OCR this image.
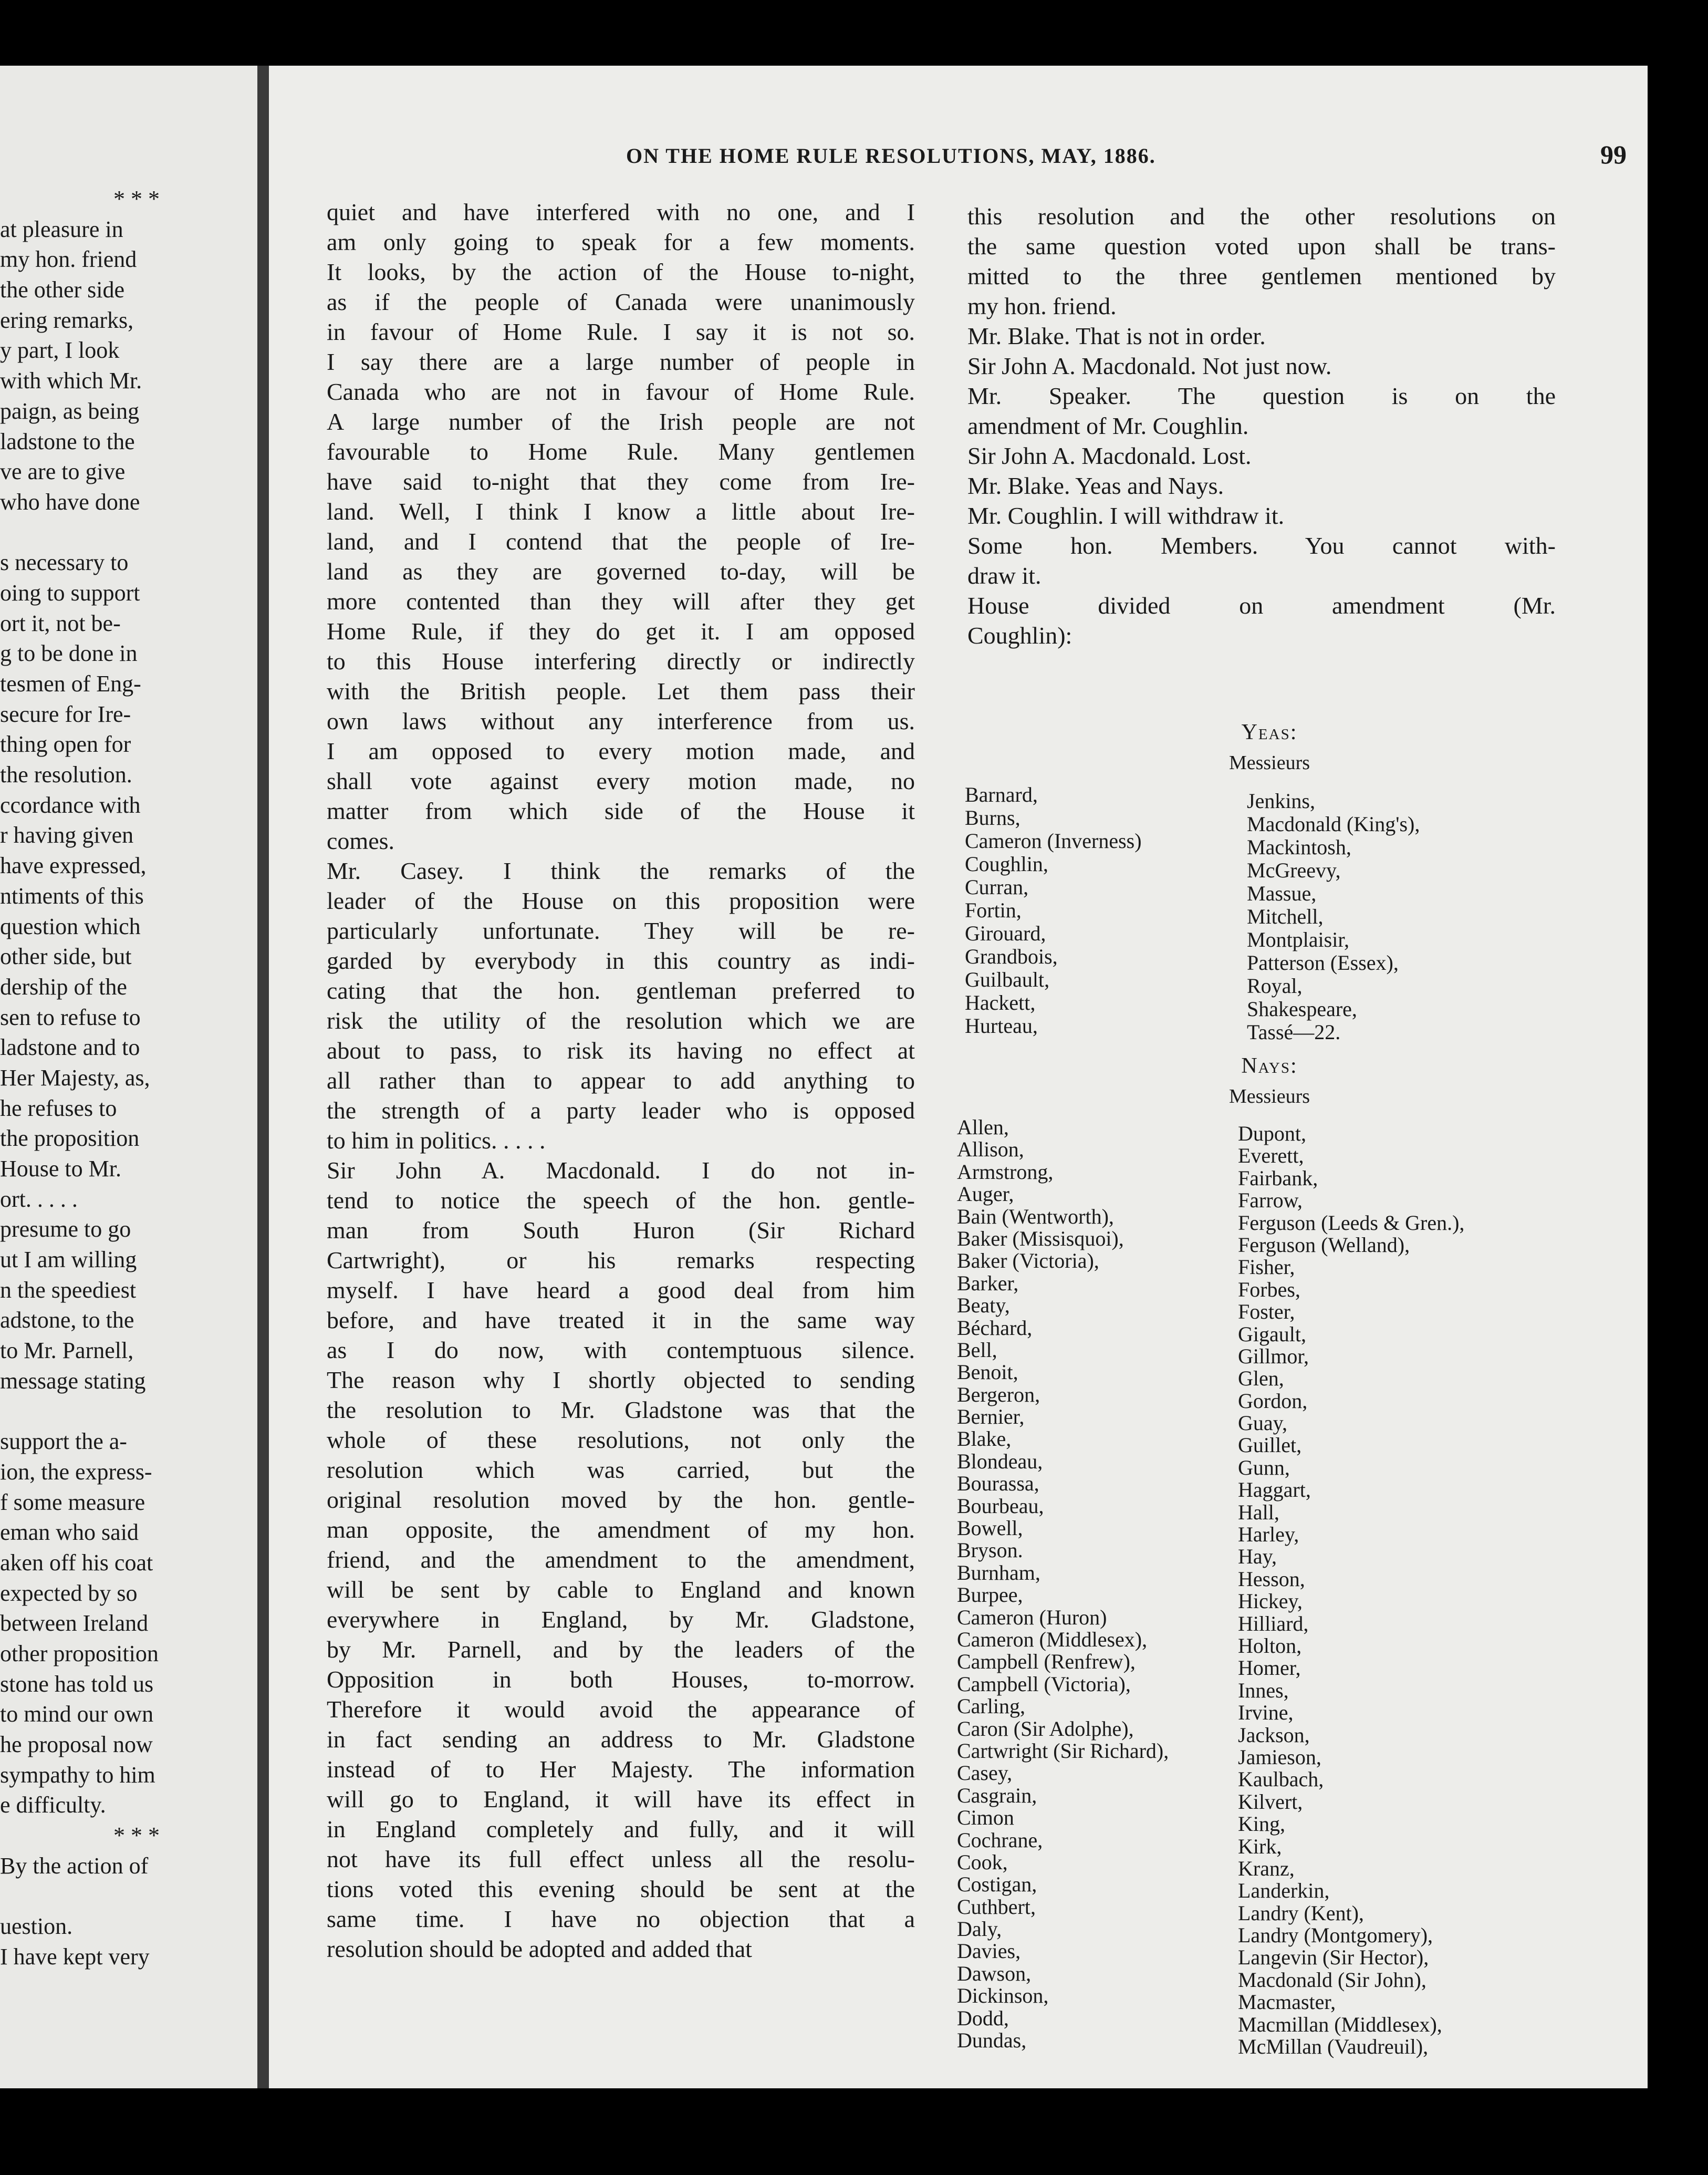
* * *
at pleasure in
my hon. friend
the other side
ering remarks,
y part, I look
with which Mr.
paign, as being
ladstone to the
ve are to give
who have done
s necessary to
oing to support
ort it, not be-
g to be done in
tesmen of Eng-
secure for Ire-
thing open for
the resolution.
ccordance with
r having given
have expressed,
ntiments of this
question which
other side, but
dership of the
sen to refuse to
ladstone and to
Her Majesty, as,
he refuses to
the proposition
House to Mr.
ort. . . . .
presume to go
ut I am willing
n the speediest
adstone, to the
to Mr. Parnell,
message stating
support the a-
ion, the express-
f some measure
eman who said
aken off his coat
expected by so
between Ireland
other proposition
stone has told us
to mind our own
he proposal now
sympathy to him
e difficulty.
* * *
By the action of
uestion.
I have kept very
ON THE HOME RULE RESOLUTIONS, MAY, 1886.	99
quiet and have interfered with no one, and I
am only going to speak for a few moments.
It looks, by the action of the House to-night,
as if the people of Canada were unanimously
in favour of Home Rule. I say it is not so.
I say there are a large number of people in
Canada who are not in favour of Home Rule.
A large number of the Irish people are not
favourable to Home Rule. Many gentlemen
have said to-night that they come from Ire-
land. Well, I think I know a little about Ire-
land, and I contend that the people of Ire-
land as they are governed to-day, will be
more contented than they will after they get
Home Rule, if they do get it. I am opposed
to this House interfering directly or indirectly
with the British people. Let them pass their
own laws without any interference from us.
I am opposed to every motion made, and
shall vote against every motion made, no
matter from which side of the House it
comes.
Mr. Casey. I think the remarks of the
leader of the House on this proposition were
particularly unfortunate. They will be re-
garded by everybody in this country as indi-
cating that the hon. gentleman preferred to
risk the utility of the resolution which we are
about to pass, to risk its having no effect at
all rather than to appear to add anything to
the strength of a party leader who is opposed
to him in politics. . . . .
Sir John A. Macdonald. I do not in-
tend to notice the speech of the hon. gentle-
man from South Huron (Sir Richard
Cartwright), or his remarks respecting
myself. I have heard a good deal from him
before, and have treated it in the same way
as I do now, with contemptuous silence.
The reason why I shortly objected to sending
the resolution to Mr. Gladstone was that the
whole of these resolutions, not only the
resolution which was carried, but the
original resolution moved by the hon. gentle-
man opposite, the amendment of my hon.
friend, and the amendment to the amendment,
will be sent by cable to England and known
everywhere in England, by Mr. Gladstone,
by Mr. Parnell, and by the leaders of the
Opposition in both Houses, to-morrow.
Therefore it would avoid the appearance of
in fact sending an address to Mr. Gladstone
instead of to Her Majesty. The information
will go to England, it will have its effect in
in England completely and fully, and it will
not have its full effect unless all the resolu-
tions voted this evening should be sent at the
same time. I have no objection that a
resolution should be adopted and added that
this resolution and the other resolutions on
the same question voted upon shall be trans-
mitted to the three gentlemen mentioned by
my hon. friend.
Mr. Blake. That is not in order.
Sir John A. Macdonald. Not just now.
Mr. Speaker. The question is on the
amendment of Mr. Coughlin.
Sir John A. Macdonald. Lost.
Mr. Blake. Yeas and Nays.
Mr. Coughlin. I will withdraw it.
Some hon. Members. You cannot with-
draw it.
House divided on amendment (Mr.
Coughlin):
Yeas:
Messieurs
Barnard,
Burns,
Cameron (Inverness)
Coughlin,
Curran,
Fortin,
Girouard,
Grandbois,
Guilbault,
Hackett,
Hurteau,
Jenkins,
Macdonald (King's),
Mackintosh,
McGreevy,
Massue,
Mitchell,
Montplaisir,
Patterson (Essex),
Royal,
Shakespeare,
Tassé—22.
Nays:
Messieurs
Allen,
Allison,
Armstrong,
Auger,
Bain (Wentworth),
Baker (Missisquoi),
Baker (Victoria),
Barker,
Beaty,
Béchard,
Bell,
Benoit,
Bergeron,
Bernier,
Blake,
Blondeau,
Bourassa,
Bourbeau,
Bowell,
Bryson.
Burnham,
Burpee,
Cameron (Huron)
Cameron (Middlesex),
Campbell (Renfrew),
Campbell (Victoria),
Carling,
Caron (Sir Adolphe),
Cartwright (Sir Richard),
Casey,
Casgrain,
Cimon
Cochrane,
Cook,
Costigan,
Cuthbert,
Daly,
Davies,
Dawson,
Dickinson,
Dodd,
Dundas,
Dupont,
Everett,
Fairbank,
Farrow,
Ferguson (Leeds & Gren.),
Ferguson (Welland),
Fisher,
Forbes,
Foster,
Gigault,
Gillmor,
Glen,
Gordon,
Guay,
Guillet,
Gunn,
Haggart,
Hall,
Harley,
Hay,
Hesson,
Hickey,
Hilliard,
Holton,
Homer,
Innes,
Irvine,
Jackson,
Jamieson,
Kaulbach,
Kilvert,
King,
Kirk,
Kranz,
Landerkin,
Landry (Kent),
Landry (Montgomery),
Langevin (Sir Hector),
Macdonald (Sir John),
Macmaster,
Macmillan (Middlesex),
McMillan (Vaudreuil),
